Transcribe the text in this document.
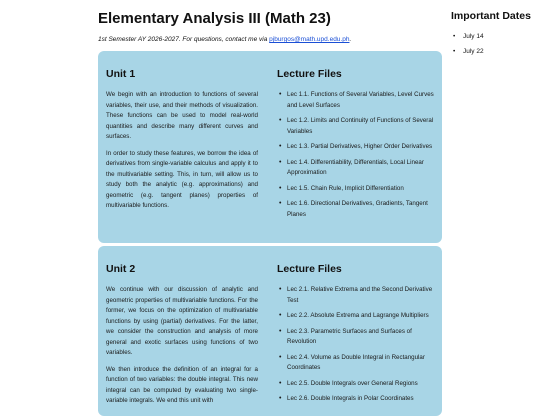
Elementary Analysis III (Math 23)
1st Semester AY 2026-2027. For questions, contact me via pjburgos@math.upd.edu.ph.
Unit 1

We begin with an introduction to functions of several variables, their use, and their methods of visualization. These functions can be used to model real-world quantities and describe many different curves and surfaces.

In order to study these features, we borrow the idea of derivatives from single-variable calculus and apply it to the multivariable setting. This, in turn, will allow us to study both the analytic (e.g. approximations) and geometric (e.g. tangent planes) properties of multivariable functions.

Lecture Files
• Lec 1.1. Functions of Several Variables, Level Curves and Level Surfaces
• Lec 1.2. Limits and Continuity of Functions of Several Variables
• Lec 1.3. Partial Derivatives, Higher Order Derivatives
• Lec 1.4. Differentiability, Differentials, Local Linear Approximation
• Lec 1.5. Chain Rule, Implicit Differentiation
• Lec 1.6. Directional Derivatives, Gradients, Tangent Planes
Unit 2

We continue with our discussion of analytic and geometric properties of multivariable functions. For the former, we focus on the optimization of multivariable functions by using (partial) derivatives. For the latter, we consider the construction and analysis of more general and exotic surfaces using functions of two variables.

We then introduce the definition of an integral for a function of two variables: the double integral. This new integral can be computed by evaluating two single-variable integrals. We end this unit with

Lecture Files
• Lec 2.1. Relative Extrema and the Second Derivative Test
• Lec 2.2. Absolute Extrema and Lagrange Multipliers
• Lec 2.3. Parametric Surfaces and Surfaces of Revolution
• Lec 2.4. Volume as Double Integral in Rectangular Coordinates
• Lec 2.5. Double Integrals over General Regions
• Lec 2.6. Double Integrals in Polar Coordinates
Important Dates
• July 14
• July 22
